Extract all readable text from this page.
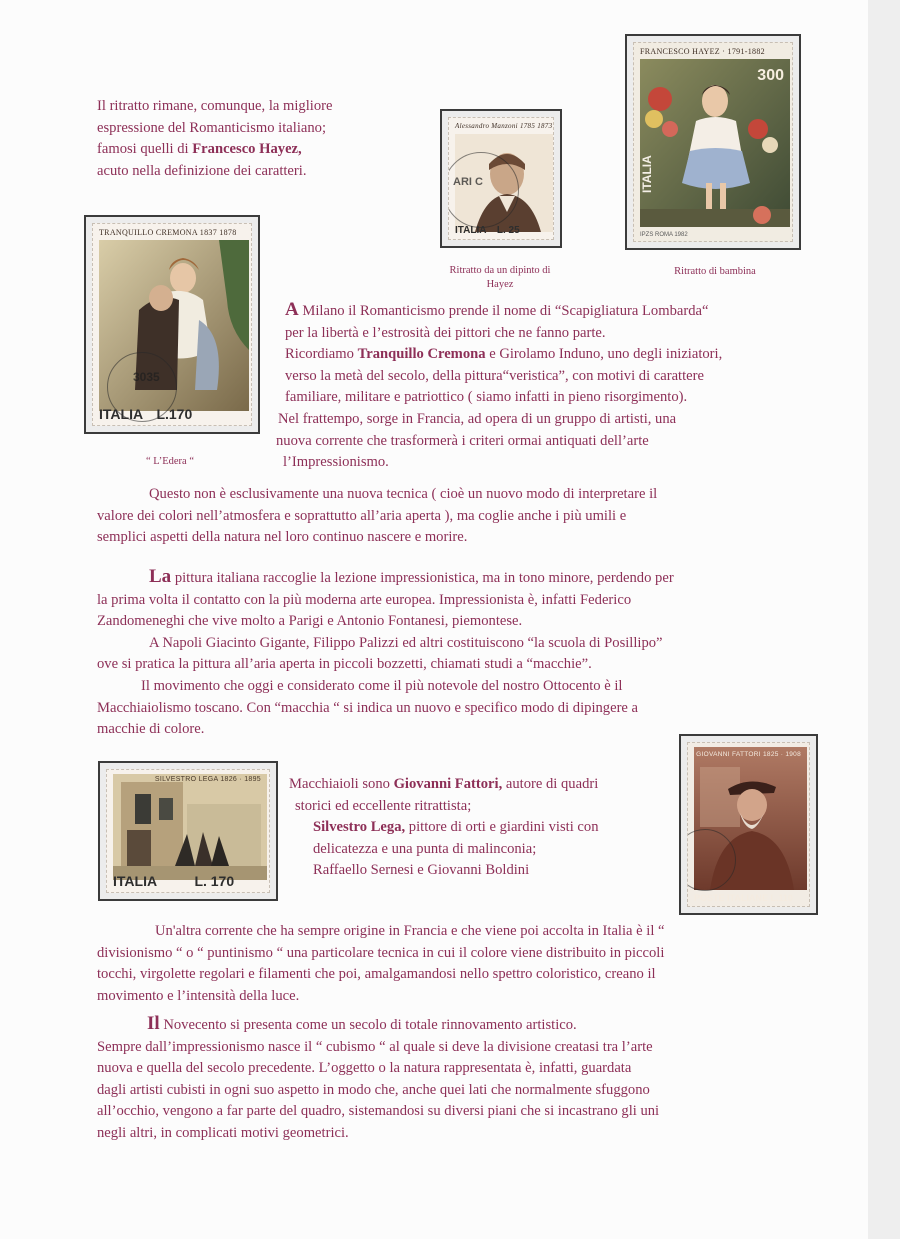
Il ritratto rimane, comunque, la migliore
espressione del Romanticismo italiano;
famosi quelli di Francesco Hayez,
acuto nella definizione dei caratteri.
Alessandro Manzoni 1785 1873
ARI C
ITALIA L. 25
Ritratto da un dipinto di
Hayez
FRANCESCO HAYEZ · 1791-1882
300
ITALIA
IPZS ROMA 1982
Ritratto di bambina
TRANQUILLO CREMONA 1837 1878
3035
ITALIA L.170
“ L’Edera “
A Milano il Romanticismo prende il nome di “Scapigliatura Lombarda“
per la libertà e l’estrosità dei pittori che ne fanno parte.
Ricordiamo Tranquillo Cremona e Girolamo Induno, uno degli iniziatori,
verso la metà del secolo, della pittura“veristica”, con motivi di carattere
familiare, militare e patriottico ( siamo infatti in pieno risorgimento).
Nel frattempo, sorge in Francia, ad opera di un gruppo di artisti, una
nuova corrente che trasformerà i criteri ormai antiquati dell’arte
l’Impressionismo.
Questo non è esclusivamente una nuova tecnica ( cioè un nuovo modo di interpretare il
valore dei colori nell’atmosfera e soprattutto all’aria aperta ), ma coglie anche i più umili e
semplici aspetti della natura nel loro continuo nascere e morire.
La pittura italiana raccoglie la lezione impressionistica, ma in tono minore, perdendo per
la prima volta il contatto con la più moderna arte europea. Impressionista è, infatti Federico
Zandomeneghi che vive molto a Parigi e Antonio Fontanesi, piemontese.
A Napoli Giacinto Gigante, Filippo Palizzi ed altri costituiscono “la scuola di Posillipo”
ove si pratica la pittura all’aria aperta in piccoli bozzetti, chiamati studi a “macchie”.
Il movimento che oggi e considerato come il più notevole del nostro Ottocento è il
Macchiaiolismo toscano. Con “macchia “ si indica un nuovo e specifico modo di dipingere a
macchie di colore.
SILVESTRO LEGA 1826 · 1895
ITALIA	L. 170
Macchiaioli sono Giovanni Fattori, autore di quadri
storici ed eccellente ritrattista;
Silvestro Lega, pittore di orti e giardini visti con
delicatezza e una punta di malinconia;
Raffaello Sernesi e Giovanni Boldini
GIOVANNI FATTORI 1825 · 1908
POSTE ITALIANE L.110
Un'altra corrente che ha sempre origine in Francia e che viene poi accolta in Italia è il “
divisionismo “ o “ puntinismo “ una particolare tecnica in cui il colore viene distribuito in piccoli
tocchi, virgolette regolari e filamenti che poi, amalgamandosi nello spettro coloristico, creano il
movimento e l’intensità della luce.
Il Novecento si presenta come un secolo di totale rinnovamento artistico.
Sempre dall’impressionismo nasce il “ cubismo “ al quale si deve la divisione creatasi tra l’arte
nuova e quella del secolo precedente. L’oggetto o la natura rappresentata è, infatti, guardata
dagli artisti cubisti in ogni suo aspetto in modo che, anche quei lati che normalmente sfuggono
all’occhio, vengono a far parte del quadro, sistemandosi su diversi piani che si incastrano gli uni
negli altri, in complicati motivi geometrici.
